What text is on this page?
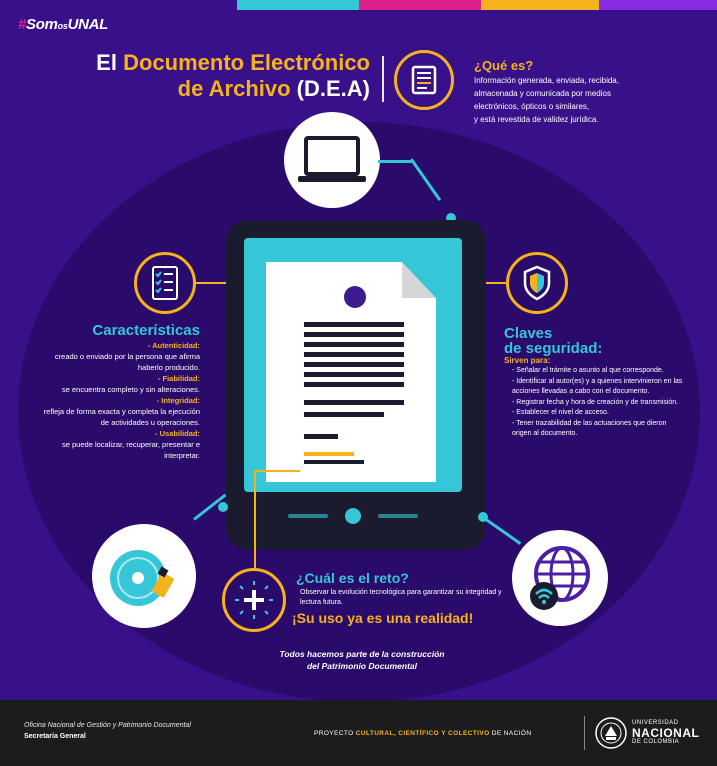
#SomosUNAL
El Documento Electrónico
de Archivo (D.E.A)
¿Qué es?
Información generada, enviada, recibida,
almacenada y comunicada por medios
electrónicos, ópticos o similares,
y está revestida de validez jurídica.
Características
- Autenticidad:
creado o enviado por la persona que afirma haberlo producido.
- Fiabilidad:
se encuentra completo y sin alteraciones.
- Integridad:
refleja de forma exacta y completa la ejecución de actividades u operaciones.
- Usabilidad:
se puede localizar, recuperar, presentar e interpretar.
Claves
de seguridad:
Sirven para:
- Señalar el trámite o asunto al que corresponde.
- Identificar al autor(es) y a quienes intervinieron en las acciones llevadas a cabo con el documento.
- Registrar fecha y hora de creación y de transmisión.
- Establecer el nivel de acceso.
- Tener trazabilidad de las actuaciones que dieron origen al documento.
¿Cuál es el reto?
Observar la evolución tecnológica para garantizar su integridad y lectura futura.
¡Su uso ya es una realidad!
Todos hacemos parte de la construcción
del Patrimonio Documental
Oficina Nacional de Gestión y Patrimonio Documental
Secretaría General	PROYECTO CULTURAL, CIENTÍFICO Y COLECTIVO DE NACIÓN
UNIVERSIDAD
NACIONAL
DE COLOMBIA
